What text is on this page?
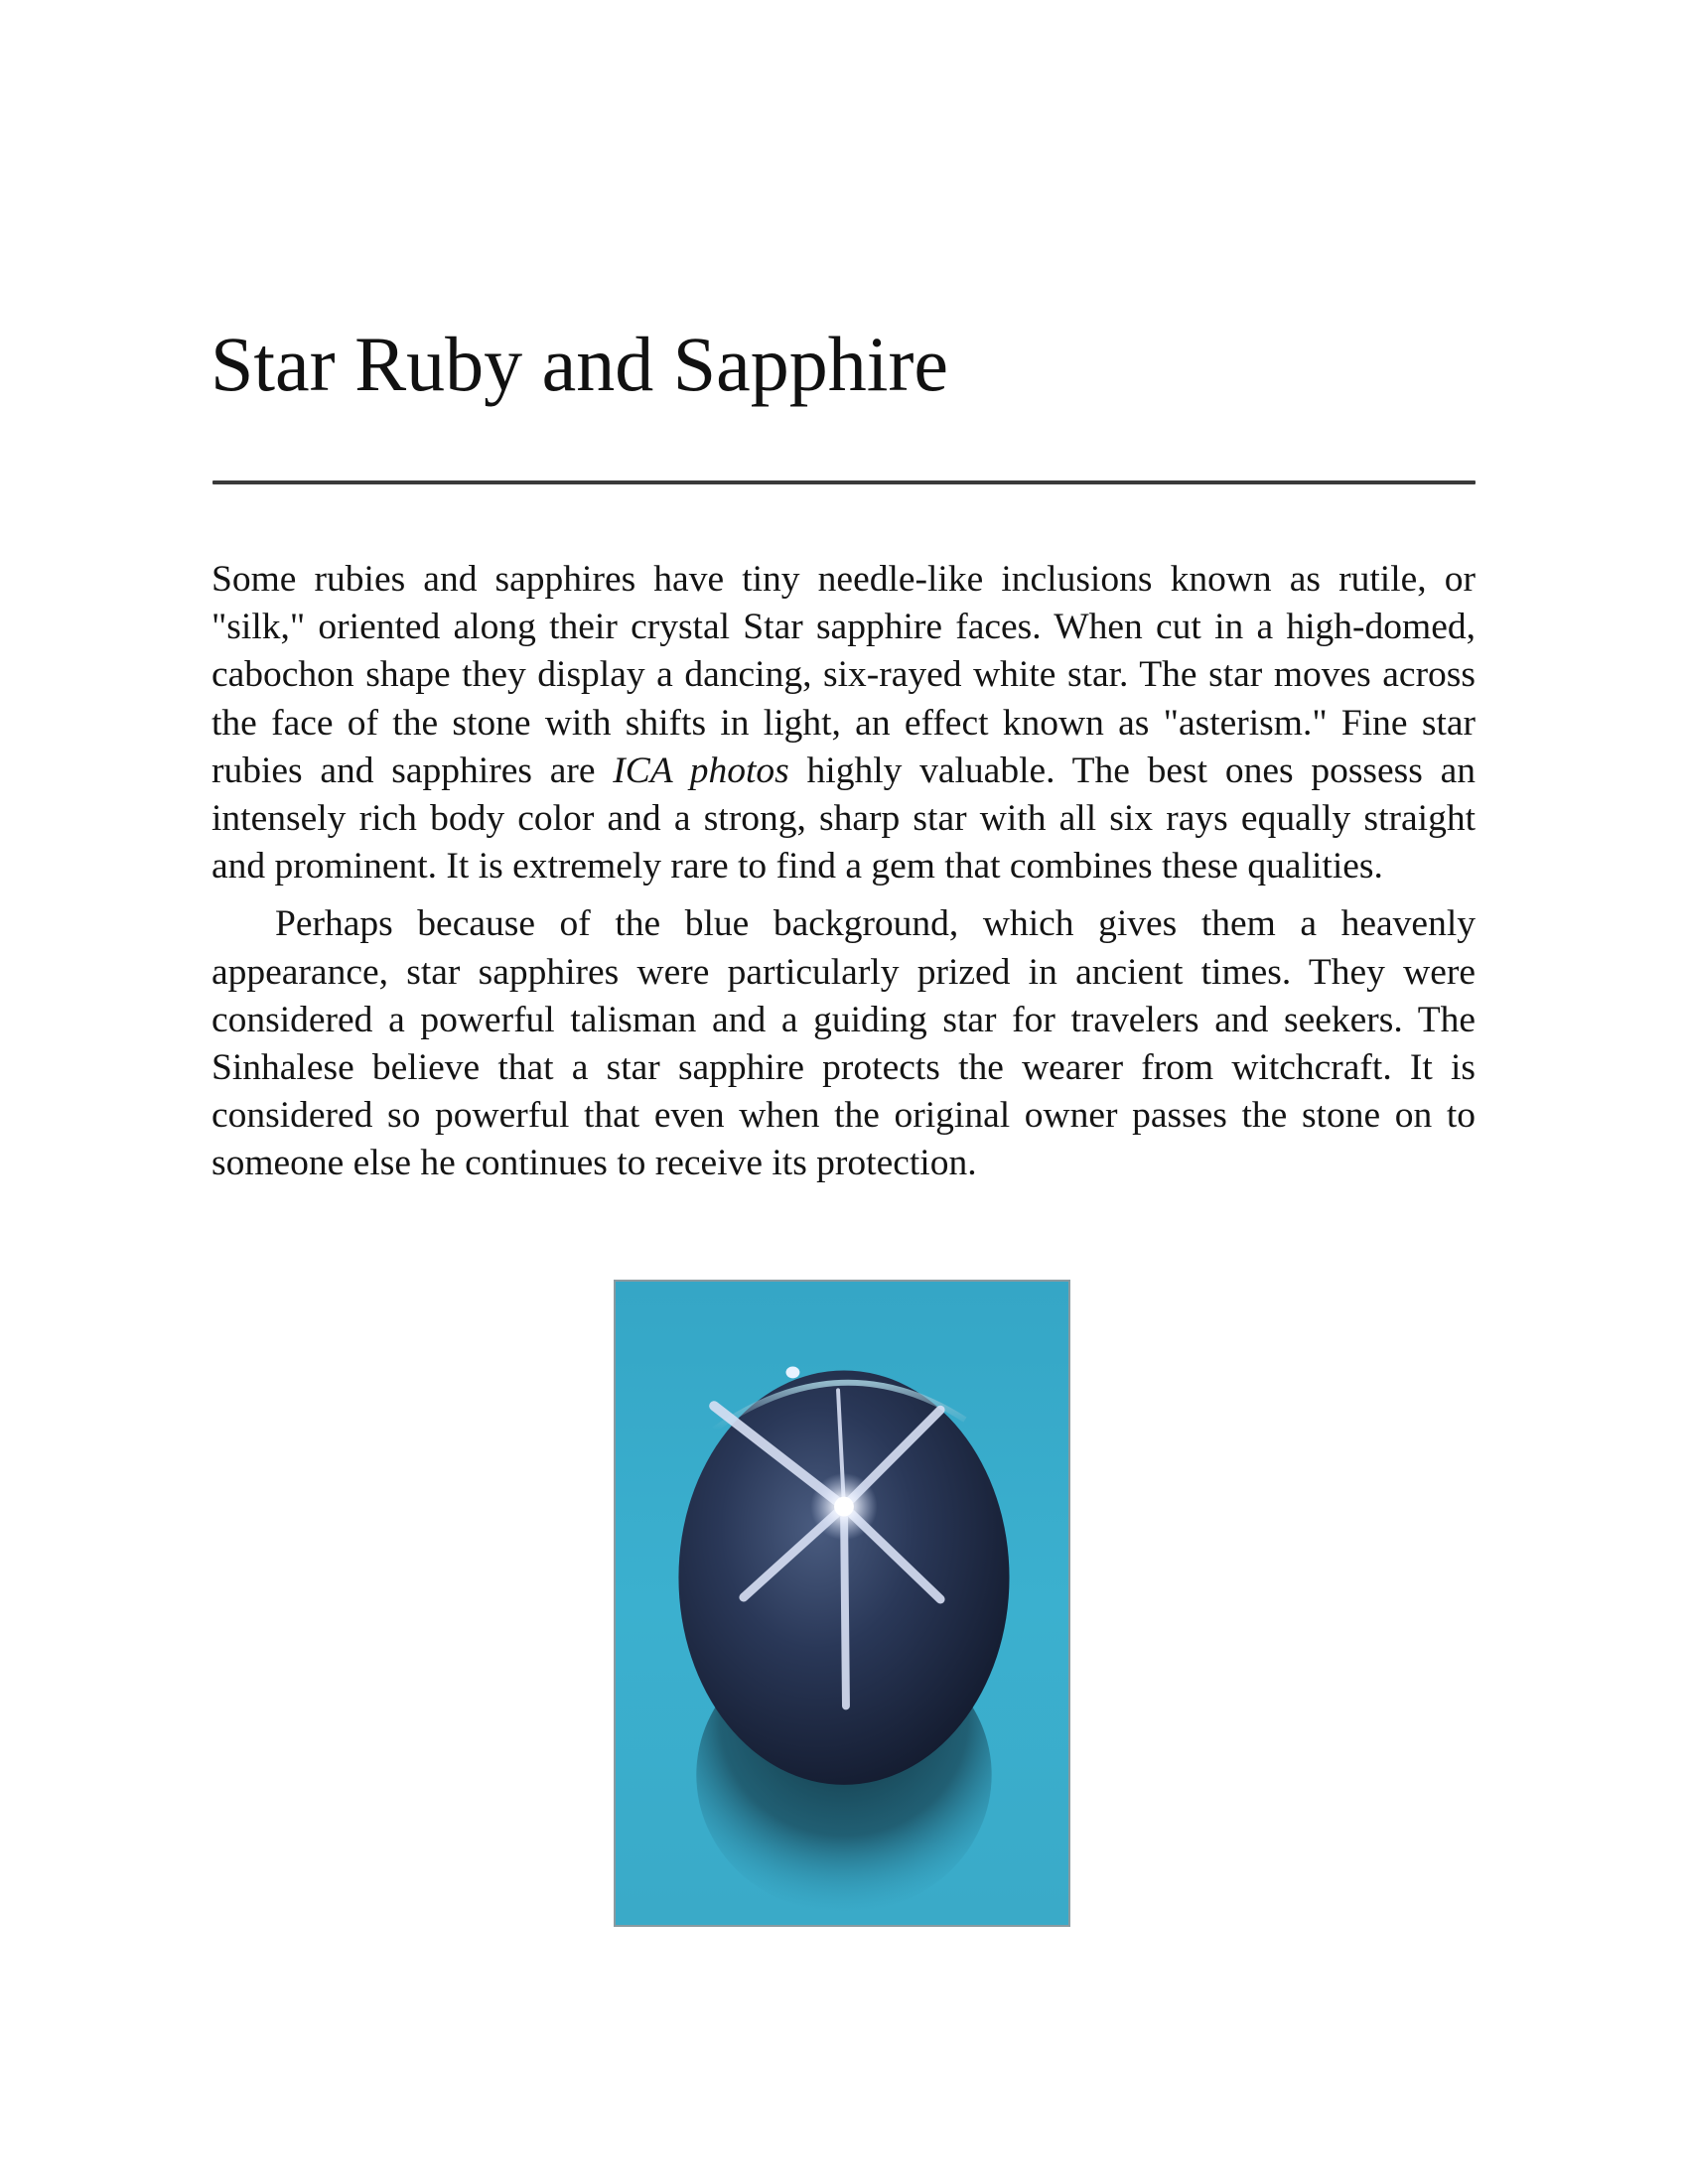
Star Ruby and Sapphire

Some rubies and sapphires have tiny needle-like inclusions known as rutile, or "silk," oriented along their crystal Star sapphire faces. When cut in a high-domed, cabochon shape they display a dancing, six-rayed white star. The star moves across the face of the stone with shifts in light, an effect known as "asterism." Fine star rubies and sapphires are ICA photos highly valuable. The best ones possess an intensely rich body color and a strong, sharp star with all six rays equally straight and prominent. It is extremely rare to find a gem that combines these qualities.

Perhaps because of the blue background, which gives them a heavenly appearance, star sapphires were particularly prized in ancient times. They were considered a powerful talisman and a guiding star for travelers and seekers. The Sinhalese believe that a star sapphire protects the wearer from witchcraft. It is considered so powerful that even when the original owner passes the stone on to someone else he continues to receive its protection.
